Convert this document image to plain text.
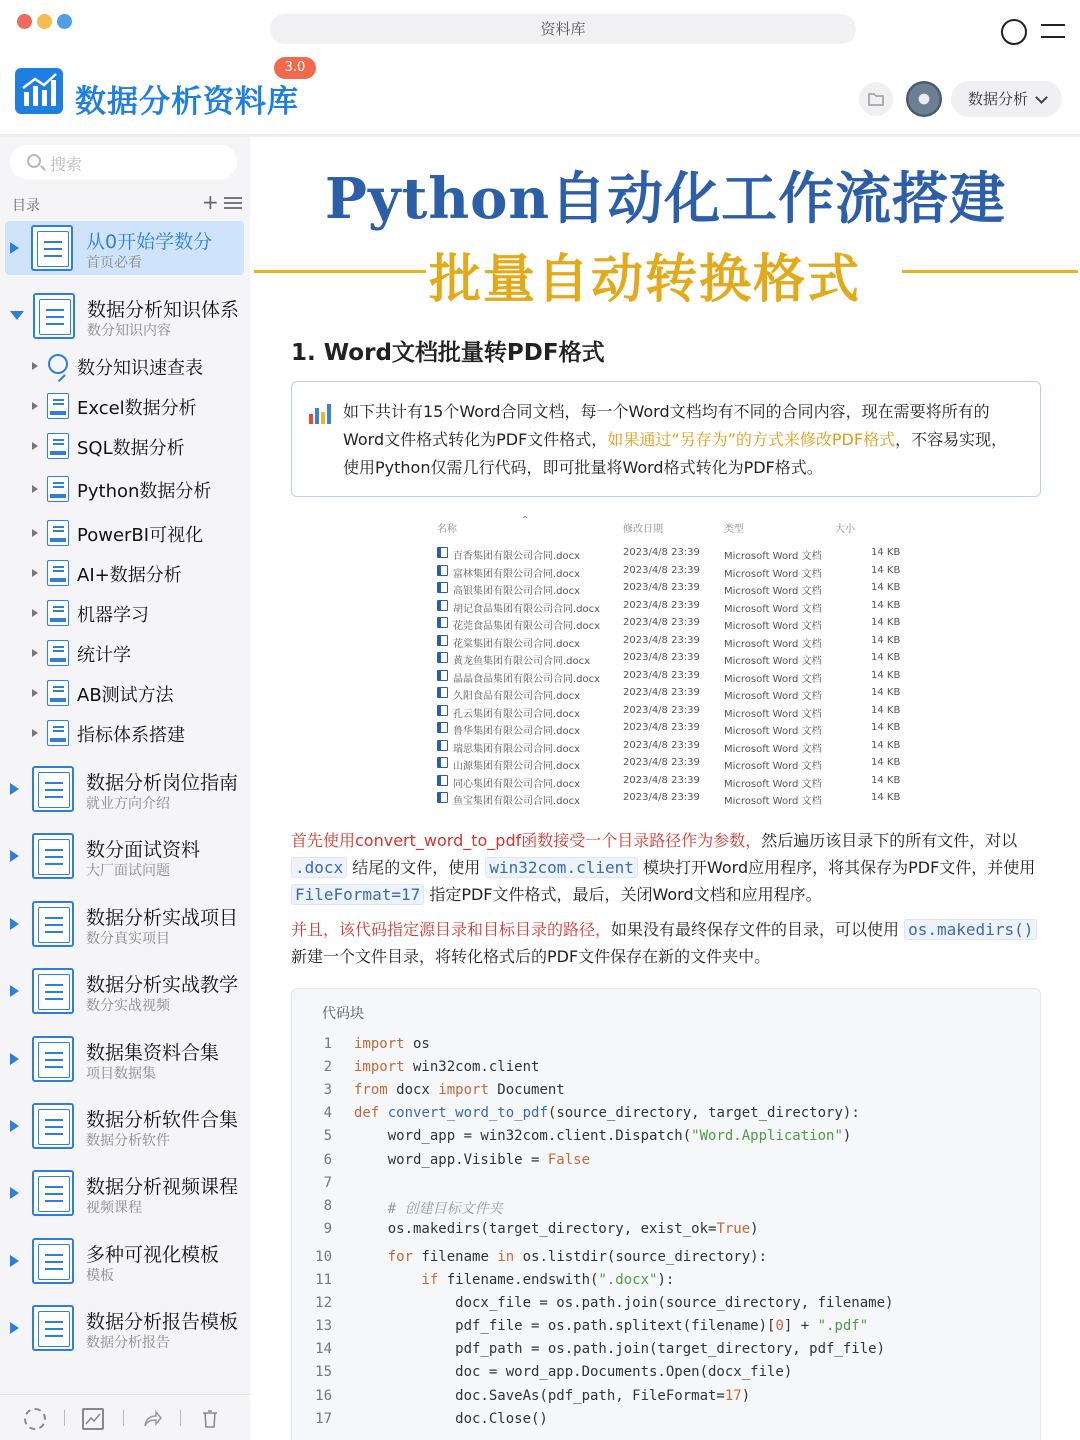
资料库
数据分析资料库
3.0
数据分析
搜索
目录	+
从0开始学数分
首页必看
数据分析知识体系
数分知识内容
数分知识速查表
Excel数据分析
SQL数据分析
Python数据分析
PowerBI可视化
AI+数据分析
机器学习
统计学
AB测试方法
指标体系搭建
数据分析岗位指南
就业方向介绍
数分面试资料
大厂面试问题
数据分析实战项目
数分真实项目
数据分析实战教学
数分实战视频
数据集资料合集
项目数据集
数据分析软件合集
数据分析软件
数据分析视频课程
视频课程
多种可视化模板
模板
数据分析报告模板
数据分析报告
Python自动化工作流搭建
批量自动转换格式
1. Word文档批量转PDF格式
如下共计有15个Word合同文档，每一个Word文档均有不同的合同内容，现在需要将所有的Word文件格式转化为PDF文件格式，如果通过“另存为”的方式来修改PDF格式，不容易实现，使用Python仅需几行代码，即可批量将Word格式转化为PDF格式。
名称
⌃
修改日期	类型	大小
百香集团有限公司合同.docx	2023/4/8 23:39 Microsoft Word 文档	14 KB
富林集团有限公司合同.docx	2023/4/8 23:39 Microsoft Word 文档	14 KB
高银集团有限公司合同.docx	2023/4/8 23:39 Microsoft Word 文档	14 KB
胡记食品集团有限公司合同.docx 2023/4/8 23:39 Microsoft Word 文档	14 KB
花莞食品集团有限公司合同.docx 2023/4/8 23:39 Microsoft Word 文档	14 KB
花棠集团有限公司合同.docx	2023/4/8 23:39 Microsoft Word 文档	14 KB
黄龙鱼集团有限公司合同.docx	2023/4/8 23:39 Microsoft Word 文档	14 KB
晶晶食品集团有限公司合同.docx 2023/4/8 23:39 Microsoft Word 文档	14 KB
久阳食品有限公司合同.docx	2023/4/8 23:39 Microsoft Word 文档	14 KB
孔云集团有限公司合同.docx	2023/4/8 23:39 Microsoft Word 文档	14 KB
鲁华集团有限公司合同.docx	2023/4/8 23:39 Microsoft Word 文档	14 KB
瑞思集团有限公司合同.docx	2023/4/8 23:39 Microsoft Word 文档	14 KB
山源集团有限公司合同.docx	2023/4/8 23:39 Microsoft Word 文档	14 KB
同心集团有限公司合同.docx	2023/4/8 23:39 Microsoft Word 文档	14 KB
鱼宝集团有限公司合同.docx	2023/4/8 23:39 Microsoft Word 文档	14 KB
首先使用convert_word_to_pdf函数接受一个目录路径作为参数，然后遍历该目录下的所有文件，对以 .docx 结尾的文件，使用 win32com.client 模块打开Word应用程序，将其保存为PDF文件，并使用 FileFormat=17 指定PDF文件格式，最后，关闭Word文档和应用程序。
并且，该代码指定源目录和目标目录的路径，如果没有最终保存文件的目录，可以使用 os.makedirs() 新建一个文件目录，将转化格式后的PDF文件保存在新的文件夹中。
代码块
1 import os
2 import win32com.client
3 from docx import Document
4 def convert_word_to_pdf(source_directory, target_directory):
5 word_app = win32com.client.Dispatch("Word.Application")
6 word_app.Visible = False
7
8 # 创建目标文件夹
9 os.makedirs(target_directory, exist_ok=True)
10	for filename in os.listdir(source_directory):
11	if filename.endswith(".docx"):
12 docx_file = os.path.join(source_directory, filename)
13 pdf_file = os.path.splitext(filename)[0] + ".pdf"
14 pdf_path = os.path.join(target_directory, pdf_file)
15 doc = word_app.Documents.Open(docx_file)
16 doc.SaveAs(pdf_path, FileFormat=17)
17 doc.Close()
